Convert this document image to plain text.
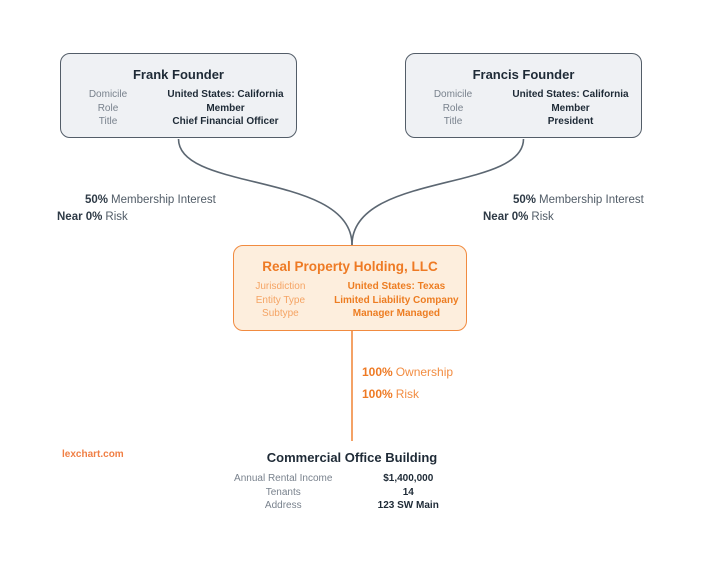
Frank Founder
Domicile	United States: California
Role	Member
Title	Chief Financial Officer
Francis Founder
Domicile	United States: California
Role	Member
Title	President
Real Property Holding, LLC
Jurisdiction	United States: Texas
Entity Type	Limited Liability Company
Subtype	Manager Managed
50% Membership Interest
Near 0% Risk
50% Membership Interest
Near 0% Risk
100% Ownership
100% Risk
Commercial Office Building
Annual Rental Income	$1,400,000
Tenants	14
Address	123 SW Main
lexchart.com
